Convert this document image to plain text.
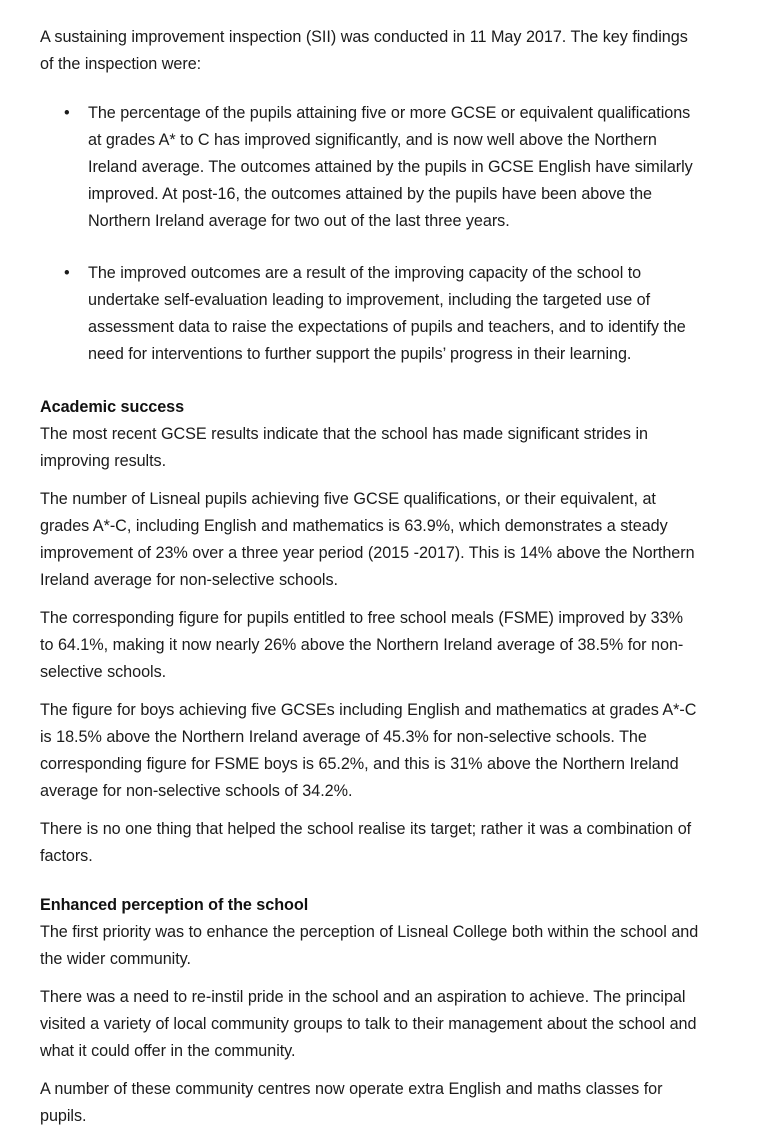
A sustaining improvement inspection (SII) was conducted in 11 May 2017. The key findings of the inspection were:

• The percentage of the pupils attaining five or more GCSE or equivalent qualifications at grades A* to C has improved significantly, and is now well above the Northern Ireland average. The outcomes attained by the pupils in GCSE English have similarly improved. At post-16, the outcomes attained by the pupils have been above the Northern Ireland average for two out of the last three years.
• The improved outcomes are a result of the improving capacity of the school to undertake self-evaluation leading to improvement, including the targeted use of assessment data to raise the expectations of pupils and teachers, and to identify the need for interventions to further support the pupils’ progress in their learning.
Academic success

The most recent GCSE results indicate that the school has made significant strides in improving results.

The number of Lisneal pupils achieving five GCSE qualifications, or their equivalent, at grades A*-C, including English and mathematics is 63.9%, which demonstrates a steady improvement of 23% over a three year period (2015 -2017). This is 14% above the Northern Ireland average for non-selective schools.

The corresponding figure for pupils entitled to free school meals (FSME) improved by 33% to 64.1%, making it now nearly 26% above the Northern Ireland average of 38.5% for non-selective schools.

The figure for boys achieving five GCSEs including English and mathematics at grades A*-C is 18.5% above the Northern Ireland average of 45.3% for non-selective schools. The corresponding figure for FSME boys is 65.2%, and this is 31% above the Northern Ireland average for non-selective schools of 34.2%.

There is no one thing that helped the school realise its target; rather it was a combination of factors.

Enhanced perception of the school

The first priority was to enhance the perception of Lisneal College both within the school and the wider community.

There was a need to re-instil pride in the school and an aspiration to achieve. The principal visited a variety of local community groups to talk to their management about the school and what it could offer in the community.

A number of these community centres now operate extra English and maths classes for pupils.
